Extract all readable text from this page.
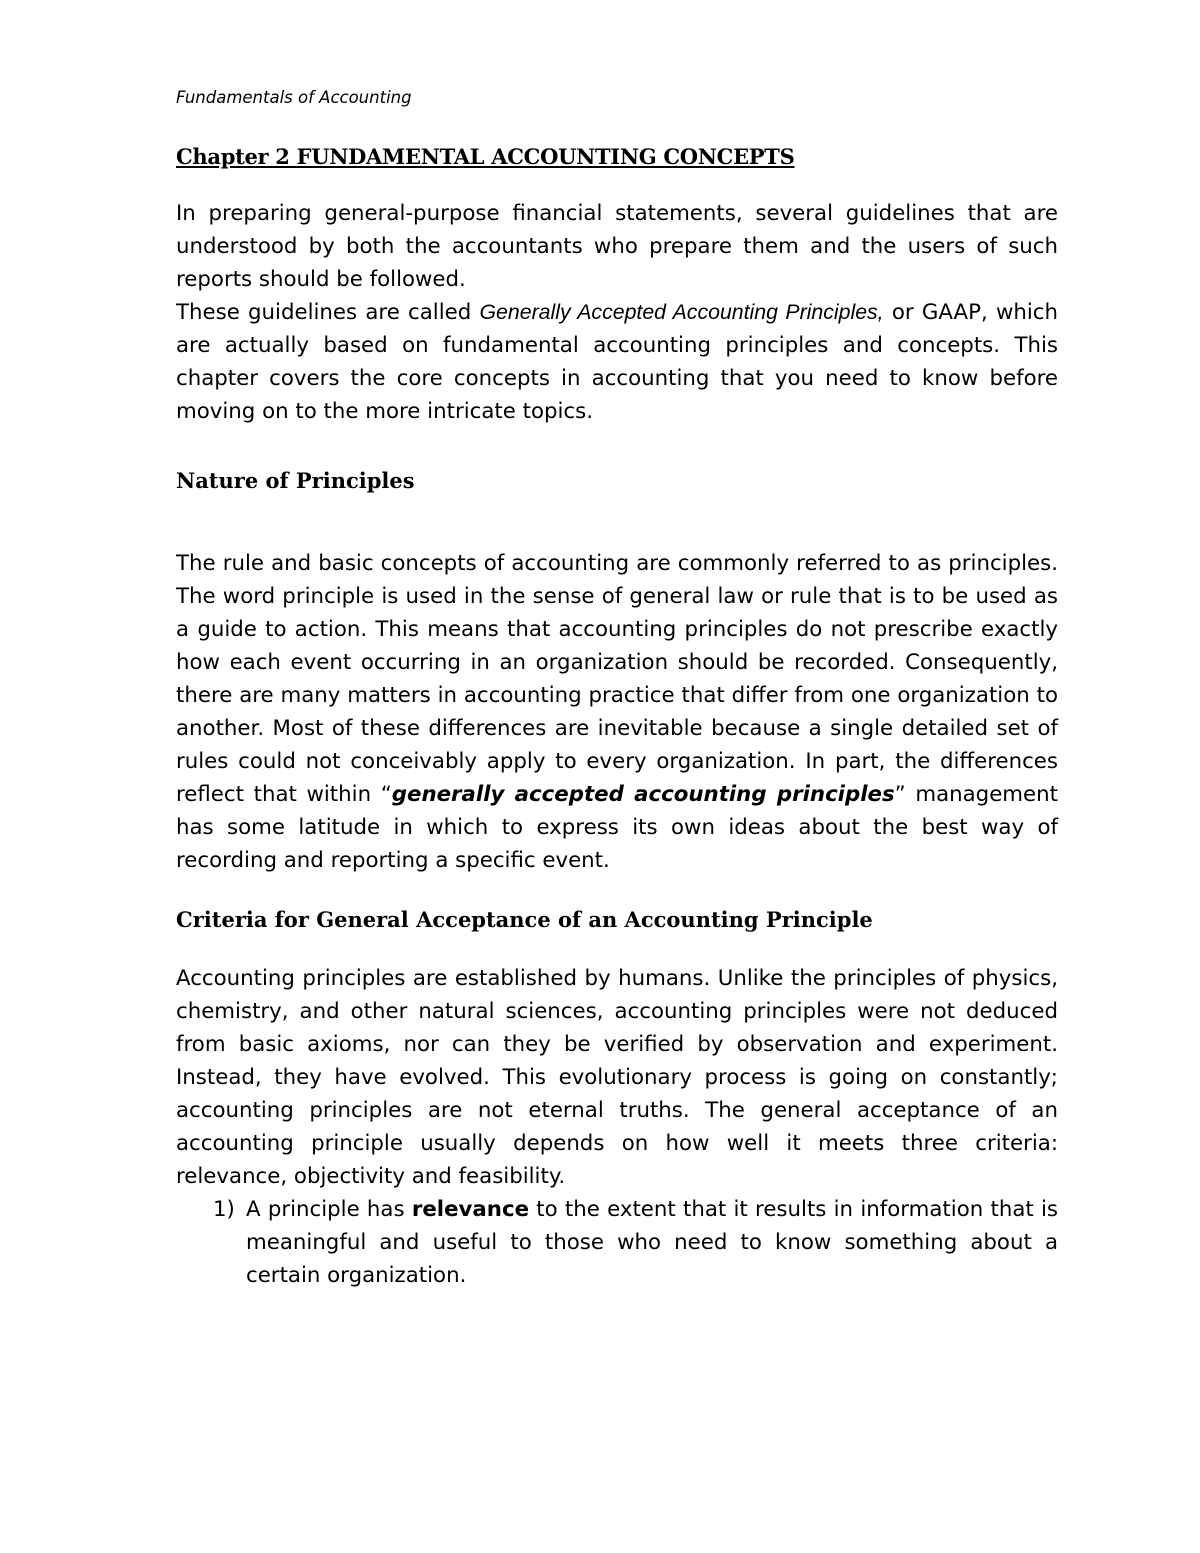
Fundamentals of Accounting

Chapter 2 FUNDAMENTAL ACCOUNTING CONCEPTS

In preparing general-purpose financial statements, several guidelines that are understood by both the accountants who prepare them and the users of such reports should be followed.

These guidelines are called Generally Accepted Accounting Principles, or GAAP, which are actually based on fundamental accounting principles and concepts. This chapter covers the core concepts in accounting that you need to know before moving on to the more intricate topics.

Nature of Principles

The rule and basic concepts of accounting are commonly referred to as principles. The word principle is used in the sense of general law or rule that is to be used as a guide to action. This means that accounting principles do not prescribe exactly how each event occurring in an organization should be recorded. Consequently, there are many matters in accounting practice that differ from one organization to another. Most of these differences are inevitable because a single detailed set of rules could not conceivably apply to every organization. In part, the differences reflect that within “generally accepted accounting principles” management has some latitude in which to express its own ideas about the best way of recording and reporting a specific event.

Criteria for General Acceptance of an Accounting Principle

Accounting principles are established by humans. Unlike the principles of physics, chemistry, and other natural sciences, accounting principles were not deduced from basic axioms, nor can they be verified by observation and experiment. Instead, they have evolved. This evolutionary process is going on constantly; accounting principles are not eternal truths. The general acceptance of an accounting principle usually depends on how well it meets three criteria: relevance, objectivity and feasibility.

1) A principle has relevance to the extent that it results in information that is meaningful and useful to those who need to know something about a certain organization.
